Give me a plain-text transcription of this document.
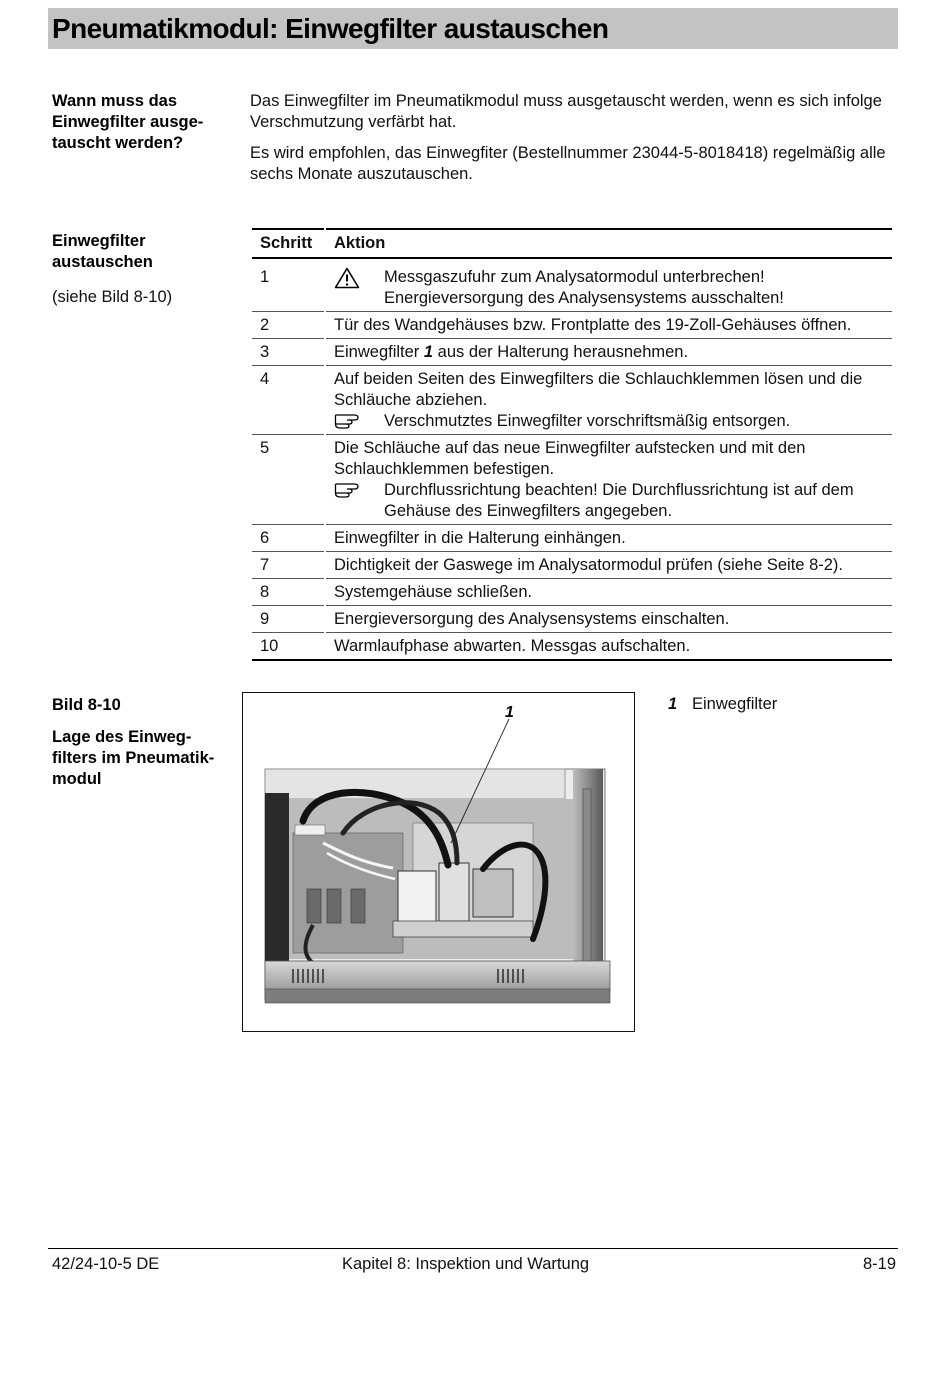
Pneumatikmodul: Einwegfilter austauschen
Wann muss das
Einwegfilter ausge-
tauscht werden?

Das Einwegfilter im Pneumatikmodul muss ausgetauscht werden, wenn es sich infolge Verschmutzung verfärbt hat.

Es wird empfohlen, das Einwegfiter (Bestellnummer 23044-5-8018418) regelmäßig alle sechs Monate auszutauschen.

Einwegfilter
austauschen
(siehe Bild 8-10)
Schritt	Aktion
1	Messgaszufuhr zum Analysatormodul unterbrechen!
Energieversorgung des Analysensystems ausschalten!

2	Tür des Wandgehäuses bzw. Frontplatte des 19-Zoll-Gehäuses öffnen.
3	Einwegfilter 1 aus der Halterung herausnehmen.
4	Auf beiden Seiten des Einwegfilters die Schlauchklemmen lösen und die Schläuche abziehen.
Verschmutztes Einwegfilter vorschriftsmäßig entsorgen.

5	Die Schläuche auf das neue Einwegfilter aufstecken und mit den Schlauchklemmen befestigen.
Durchflussrichtung beachten! Die Durchflussrichtung ist auf dem Gehäuse des Einwegfilters angegeben.

6	Einwegfilter in die Halterung einhängen.
7	Dichtigkeit der Gaswege im Analysatormodul prüfen (siehe Seite 8-2).
8	Systemgehäuse schließen.
9	Energieversorgung des Analysensystems einschalten.
10	Warmlaufphase abwarten. Messgas aufschalten.
Bild 8-10
Lage des Einweg-
filters im Pneumatik-
modul
1	1 Einwegfilter
42/24-10-5 DE	Kapitel 8: Inspektion und Wartung	8-19
